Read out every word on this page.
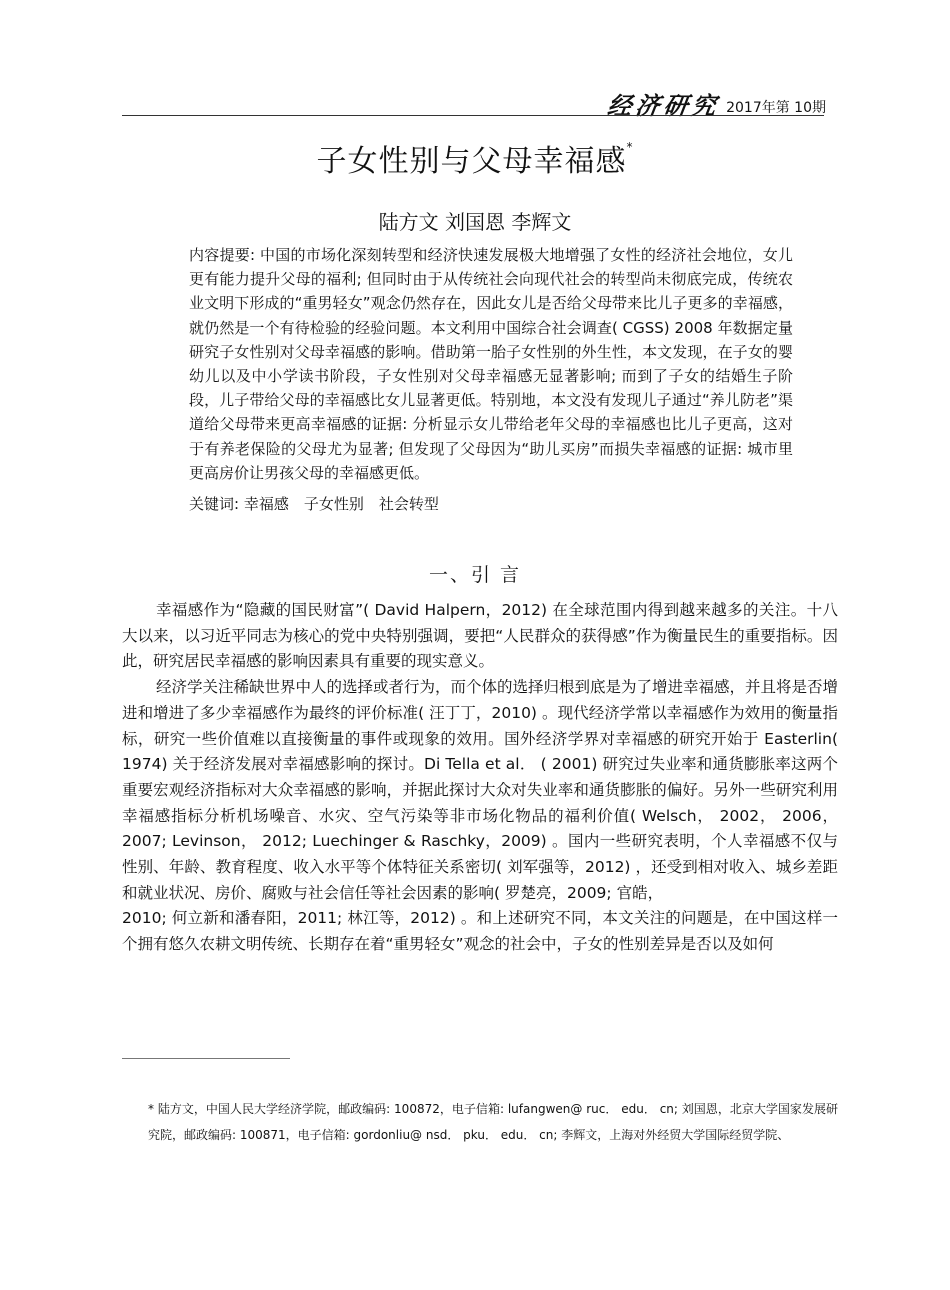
经济研究 2017年第 10期
子女性别与父母幸福感*
陆方文 刘国恩 李辉文
内容提要: 中国的市场化深刻转型和经济快速发展极大地增强了女性的经济社会地位，女儿更有能力提升父母的福利; 但同时由于从传统社会向现代社会的转型尚未彻底完成，传统农业文明下形成的“重男轻女”观念仍然存在，因此女儿是否给父母带来比儿子更多的幸福感，就仍然是一个有待检验的经验问题。本文利用中国综合社会调查( CGSS) 2008 年数据定量研究子女性别对父母幸福感的影响。借助第一胎子女性别的外生性，本文发现，在子女的婴幼儿以及中小学读书阶段，子女性别对父母幸福感无显著影响; 而到了子女的结婚生子阶段，儿子带给父母的幸福感比女儿显著更低。特别地，本文没有发现儿子通过“养儿防老”渠道给父母带来更高幸福感的证据: 分析显示女儿带给老年父母的幸福感也比儿子更高，这对于有养老保险的父母尤为显著; 但发现了父母因为“助儿买房”而损失幸福感的证据: 城市里更高房价让男孩父母的幸福感更低。
关键词: 幸福感　子女性别　社会转型
一、引 言

幸福感作为“隐藏的国民财富”( David Halpern，2012) 在全球范围内得到越来越多的关注。十八大以来，以习近平同志为核心的党中央特别强调，要把“人民群众的获得感”作为衡量民生的重要指标。因此，研究居民幸福感的影响因素具有重要的现实意义。

经济学关注稀缺世界中人的选择或者行为，而个体的选择归根到底是为了增进幸福感，并且将是否增进和增进了多少幸福感作为最终的评价标准( 汪丁丁，2010) 。现代经济学常以幸福感作为效用的衡量指标，研究一些价值难以直接衡量的事件或现象的效用。国外经济学界对幸福感的研究开始于 Easterlin( 1974) 关于经济发展对幸福感影响的探讨。Di Tella et al． ( 2001) 研究过失业率和通货膨胀率这两个重要宏观经济指标对大众幸福感的影响，并据此探讨大众对失业率和通货膨胀的偏好。另外一些研究利用幸福感指标分析机场噪音、水灾、空气污染等非市场化物品的福利价值( Welsch， 2002， 2006， 2007; Levinson， 2012; Luechinger & Raschky，2009) 。国内一些研究表明，个人幸福感不仅与性别、年龄、教育程度、收入水平等个体特征关系密切( 刘军强等，2012) ，还受到相对收入、城乡差距和就业状况、房价、腐败与社会信任等社会因素的影响( 罗楚亮，2009; 官皓，

2010; 何立新和潘春阳，2011; 林江等，2012) 。和上述研究不同，本文关注的问题是，在中国这样一个拥有悠久农耕文明传统、长期存在着“重男轻女”观念的社会中，子女的性别差异是否以及如何

* 陆方文，中国人民大学经济学院，邮政编码: 100872，电子信箱: lufangwen@ ruc． edu． cn; 刘国恩，北京大学国家发展研究院，邮政编码: 100871，电子信箱: gordonliu@ nsd． pku． edu． cn; 李辉文，上海对外经贸大学国际经贸学院、
